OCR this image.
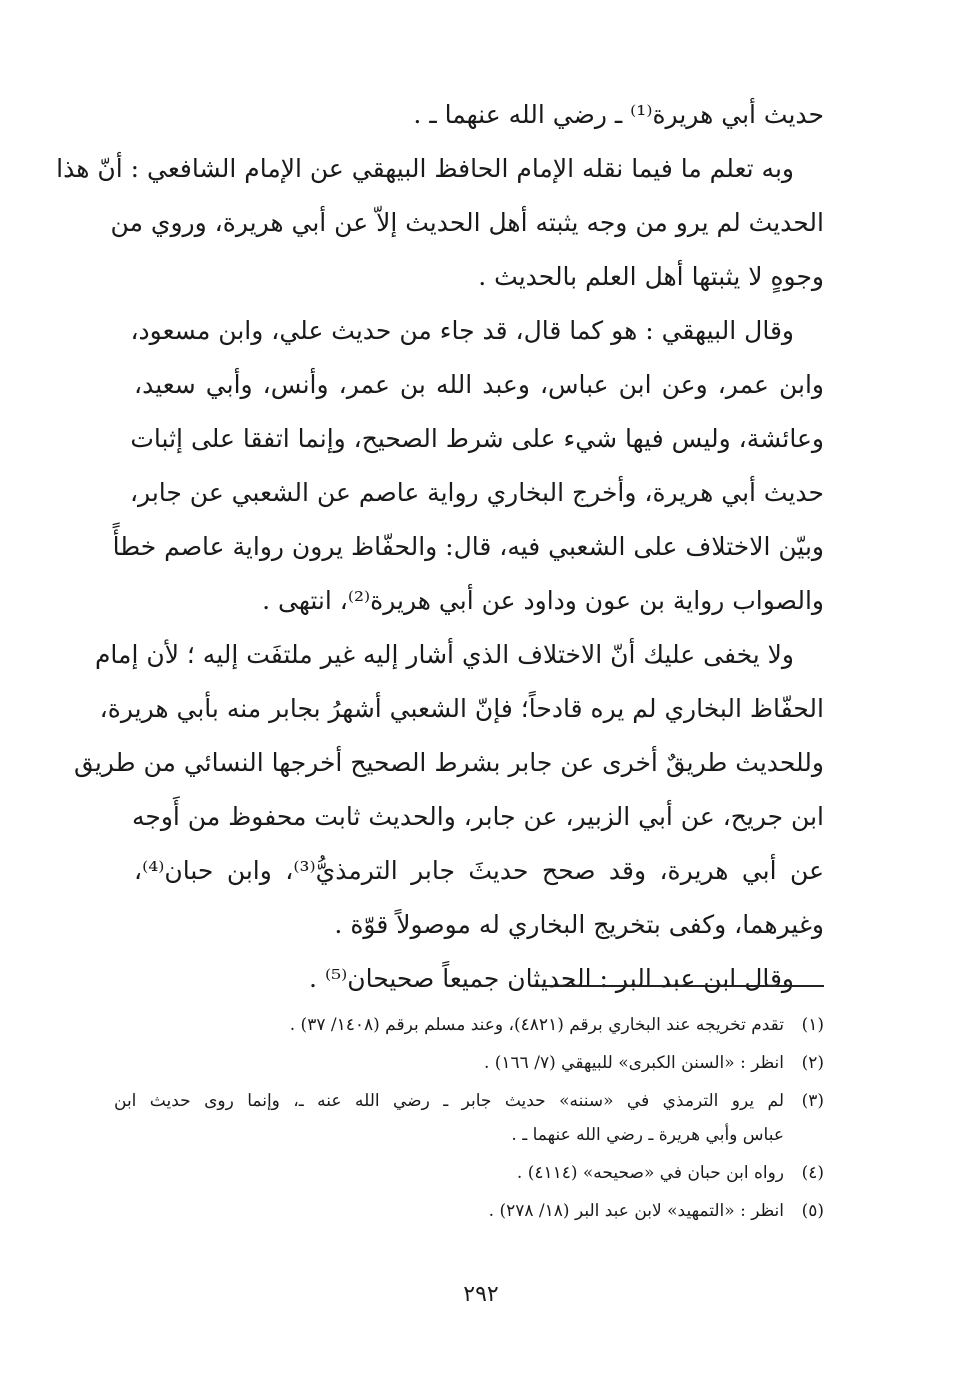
حديث أبي هريرة⁽¹⁾ ـ رضي الله عنهما ـ .
وبه تعلم ما فيما نقله الإمام الحافظ البيهقي عن الإمام الشافعي : أنّ هذا
الحديث لم يرو من وجه يثبته أهل الحديث إلاّ عن أبي هريرة، وروي من
وجوهٍ لا يثبتها أهل العلم بالحديث .
وقال البيهقي : هو كما قال، قد جاء من حديث علي، وابن مسعود،
وابن عمر، وعن ابن عباس، وعبد الله بن عمر، وأنس، وأبي سعيد،
وعائشة، وليس فيها شيء على شرط الصحيح، وإنما اتفقا على إثبات
حديث أبي هريرة، وأخرج البخاري رواية عاصم عن الشعبي عن جابر،
وبيّن الاختلاف على الشعبي فيه، قال: والحفّاظ يرون رواية عاصم خطأً
والصواب رواية بن عون وداود عن أبي هريرة⁽²⁾، انتهى .
ولا يخفى عليك أنّ الاختلاف الذي أشار إليه غير ملتفَت إليه ؛ لأن إمام
الحفّاظ البخاري لم يره قادحاً؛ فإنّ الشعبي أشهرُ بجابر منه بأبي هريرة،
وللحديث طريقٌ أخرى عن جابر بشرط الصحيح أخرجها النسائي من طريق
ابن جريح، عن أبي الزبير، عن جابر، والحديث ثابت محفوظ من أَوجه
عن أبي هريرة، وقد صحح حديثَ جابر الترمذيُّ⁽³⁾، وابن حبان⁽⁴⁾،
وغيرهما، وكفى بتخريج البخاري له موصولاً قوّة .
وقال ابن عبد البر : الحديثان جميعاً صحيحان⁽⁵⁾ .
(١)
تقدم تخريجه عند البخاري برقم (٤٨٢١)، وعند مسلم برقم (١٤٠٨/ ٣٧) .
(٢)
انظر : «السنن الكبرى» للبيهقي (٧/ ١٦٦) .
(٣)
لم يرو الترمذي في «سننه» حديث جابر ـ رضي الله عنه ـ، وإنما روى حديث ابن
عباس وأبي هريرة ـ رضي الله عنهما ـ .
(٤)
رواه ابن حبان في «صحيحه» (٤١١٤) .
(٥)
انظر : «التمهيد» لابن عبد البر (١٨/ ٢٧٨) .
٢٩٢
